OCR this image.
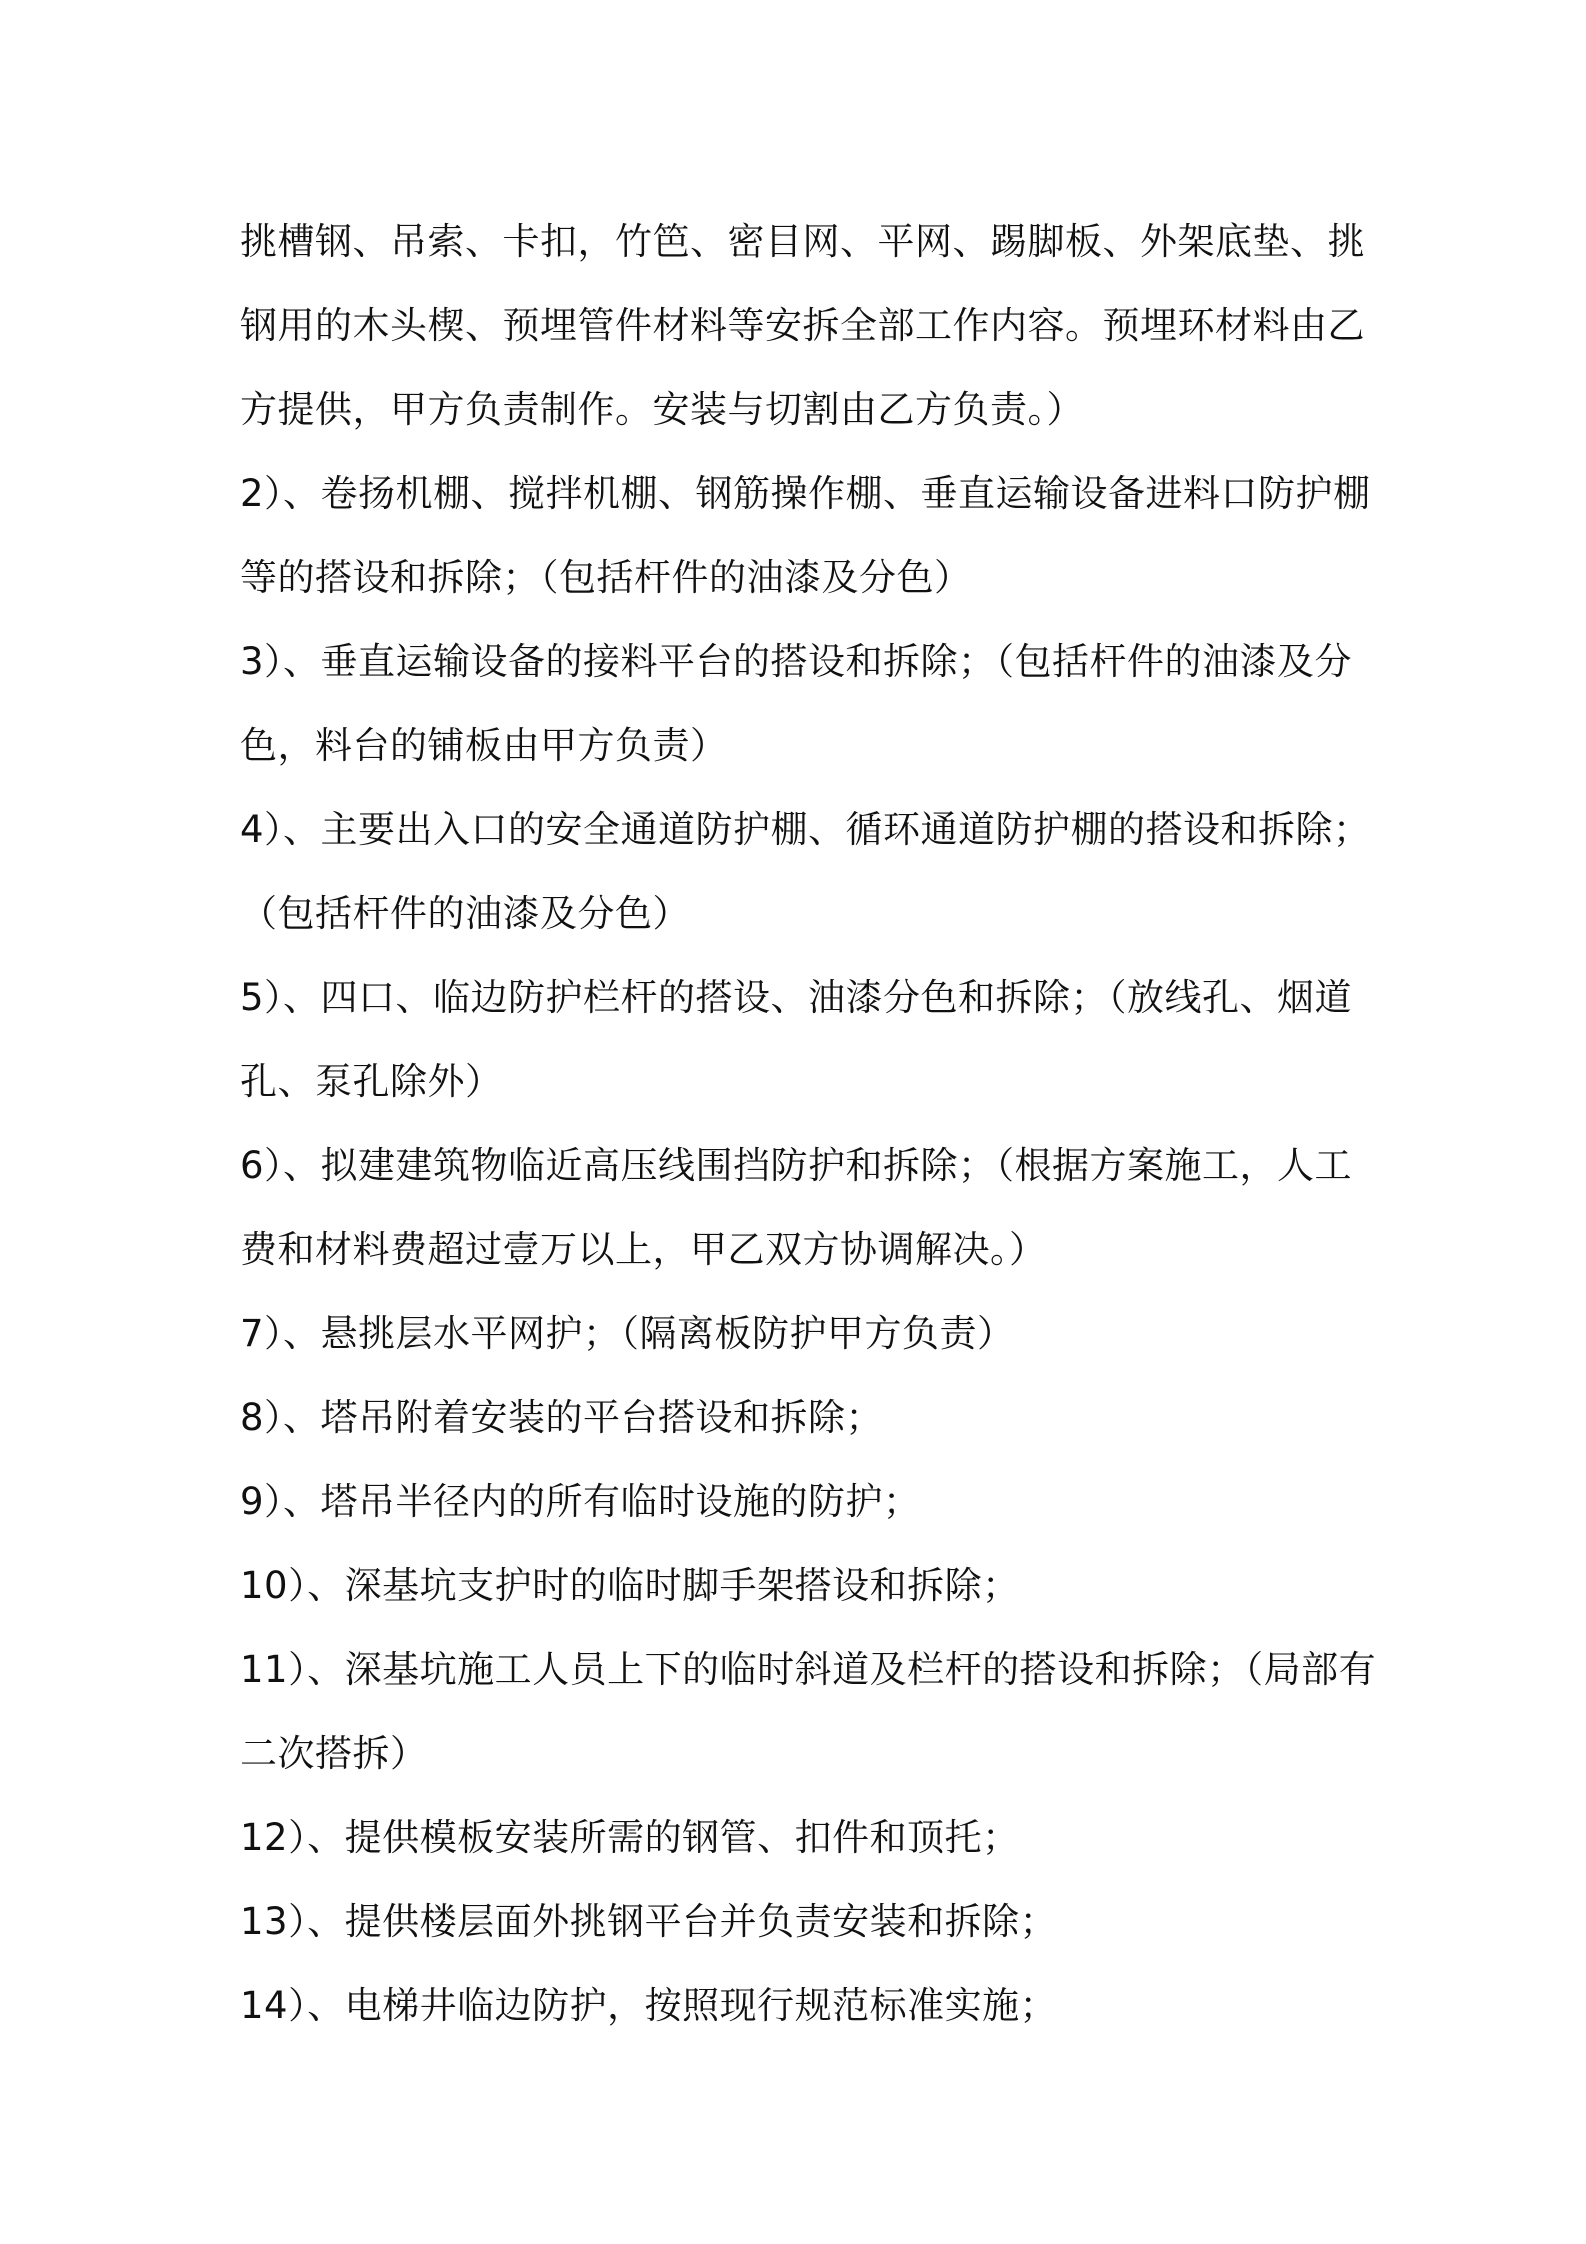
挑槽钢、吊索、卡扣，竹笆、密目网、平网、踢脚板、外架底垫、挑
钢用的木头楔、预埋管件材料等安拆全部工作内容。预埋环材料由乙
方提供，甲方负责制作。安装与切割由乙方负责。）
2）、卷扬机棚、搅拌机棚、钢筋操作棚、垂直运输设备进料口防护棚
等的搭设和拆除；（包括杆件的油漆及分色）
3）、垂直运输设备的接料平台的搭设和拆除；（包括杆件的油漆及分
色，料台的铺板由甲方负责）
4）、主要出入口的安全通道防护棚、循环通道防护棚的搭设和拆除；
（包括杆件的油漆及分色）
5）、四口、临边防护栏杆的搭设、油漆分色和拆除；（放线孔、烟道
孔、泵孔除外）
6）、拟建建筑物临近高压线围挡防护和拆除；（根据方案施工，人工
费和材料费超过壹万以上，甲乙双方协调解决。）
7）、悬挑层水平网护；（隔离板防护甲方负责）
8）、塔吊附着安装的平台搭设和拆除；
9）、塔吊半径内的所有临时设施的防护；
10）、深基坑支护时的临时脚手架搭设和拆除；
11）、深基坑施工人员上下的临时斜道及栏杆的搭设和拆除；（局部有
二次搭拆）
12）、提供模板安装所需的钢管、扣件和顶托；
13）、提供楼层面外挑钢平台并负责安装和拆除；
14）、电梯井临边防护，按照现行规范标准实施；
